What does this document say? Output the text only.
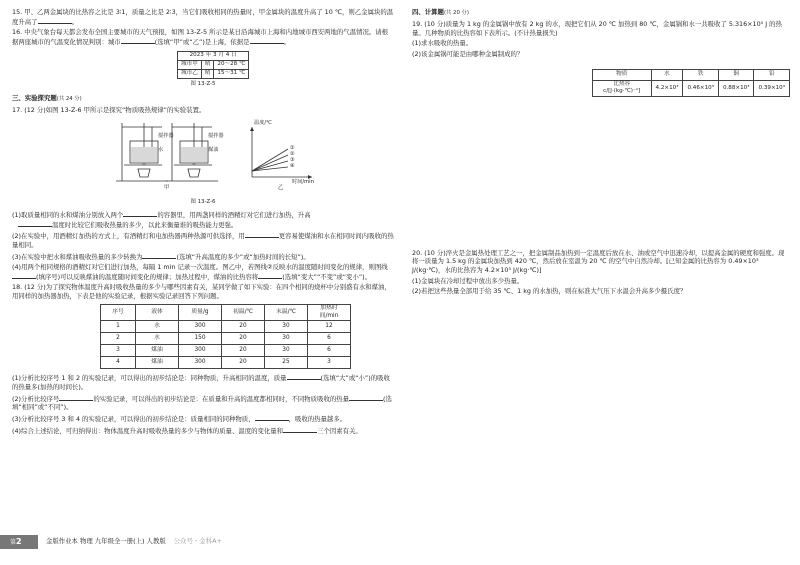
15. 甲、乙两金属块的比热容之比是 3∶1，质量之比是 2∶3，当它们吸收相同的热量时，甲金属块的温度升高了 10 ℃，则乙金属块的温度升高了	。

16. 中央气象台每天都会发布全国主要城市的天气预报，如图 13-Z-5 所示是某日沿海城市上海和内地城市西安两地的气温情况。请根据两座城市的气温变化情况判别：城市	(选填“甲”或“乙”)是上海，依据是	。

2023 年 3 月 4 日		
城市甲	晴	20～28 ℃
城市乙	晴	15～31 ℃
图 13-Z-5
三、实验探究题(共 24 分)

17. (12 分)如图 13-Z-6 甲所示是探究“物质吸热规律”的实验装置。

搅拌器
水
搅拌器
煤油
温度/℃
时间/min
①
②
③
④
甲	乙
图 13-Z-6

(1)取质量相同的水和煤油分别放入两个	的容器里，用两盏同样的酒精灯对它们进行加热，升高
温度时比较它们吸收热量的多少，以此来衡量谁的吸热能力更强。

(2)在实验中，用酒精灯加热的方式上，有酒精灯和电加热器两种热源可供选择，用	更容易使煤油和水在相同时间内吸收的热量相同。

(3)在实验中把水和煤油吸收热量的多少转换为	(选填“升高温度的多少”或“加热时间的长短”)。

(4)用两个相同规格的酒精灯对它们进行加热，每隔 1 min 记录一次温度。图乙中，若图线②反映水的温度随时间变化的规律，则图线(填序号)可以反映煤油的温度随时间变化的规律；加热过程中，煤油的比热容将	(选填“变大”“不变”或“变小”)。

18. (12 分)为了探究物体温度升高时吸收热量的多少与哪些因素有关，某同学做了如下实验：在四个相同的烧杯中分别盛有水和煤油，用同样的加热器加热，下表是他的实验记录，根据实验记录回答下列问题。

序号	液体	质量/g	初温/℃	末温/℃	加热时间/min
1	水	300	20	30	12
2	水	150	20	30	6
3	煤油	300	20	30	6
4	煤油	300	20	25	3

(1)分析比较序号 1 和 2 的实验记录，可以得出的初步结论是：同种物质，升高相同的温度，质量	(选填“大”或“小”)的吸收的热量多(加热的时间长)。

(2)分析比较序号	的实验记录，可以得出的初步结论是：在质量和升高的温度都相同时，不同物质吸收的热量	(选填“相同”或“不同”)。

(3)分析比较序号 3 和 4 的实验记录，可以得出的初步结论是：质量相同的同种物质，	，吸收的热量越多。

(4)综合上述结论，可归纳得出：物体温度升高时吸收热量的多少与物体的质量、温度的变化量和	三个因素有关。

四、计算题(共 20 分)

19. (10 分)质量为 1 kg 的金属锅中放有 2 kg 的水，现把它们从 20 ℃ 加热到 80 ℃，金属锅和水一共吸收了 5.316×10⁵ J 的热量。几种物质的比热容如下表所示。(不计热量损失)

(1)求水吸收的热量。

(2)该金属锅可能是由哪种金属制成的？

物质	水	铁	铜	铅
比热容 c/[J·(kg·℃)⁻¹]	4.2×10³	0.46×10³	0.88×10³	0.39×10³

20. (10 分)淬火是金属热处理工艺之一，把金属制品加热到一定温度后放在水、油或空气中迅速冷却，以提高金属的硬度和强度。现将一质量为 1.5 kg 的金属块加热到 420 ℃，然后放在室温为 20 ℃ 的空气中自然冷却。[已知金属的比热容为 0.49×10³ J/(kg·℃)，水的比热容为 4.2×10³ J/(kg·℃)]

(1)金属块在冷却过程中放出多少热量。

(2)若把这些热量全部用于给 35 ℃、1 kg 的水加热，则在标准大气压下水温会升高多少摄氏度？

第2	金版作业本 物理 九年级全一册(上) 人教版 公众号・金科A+
